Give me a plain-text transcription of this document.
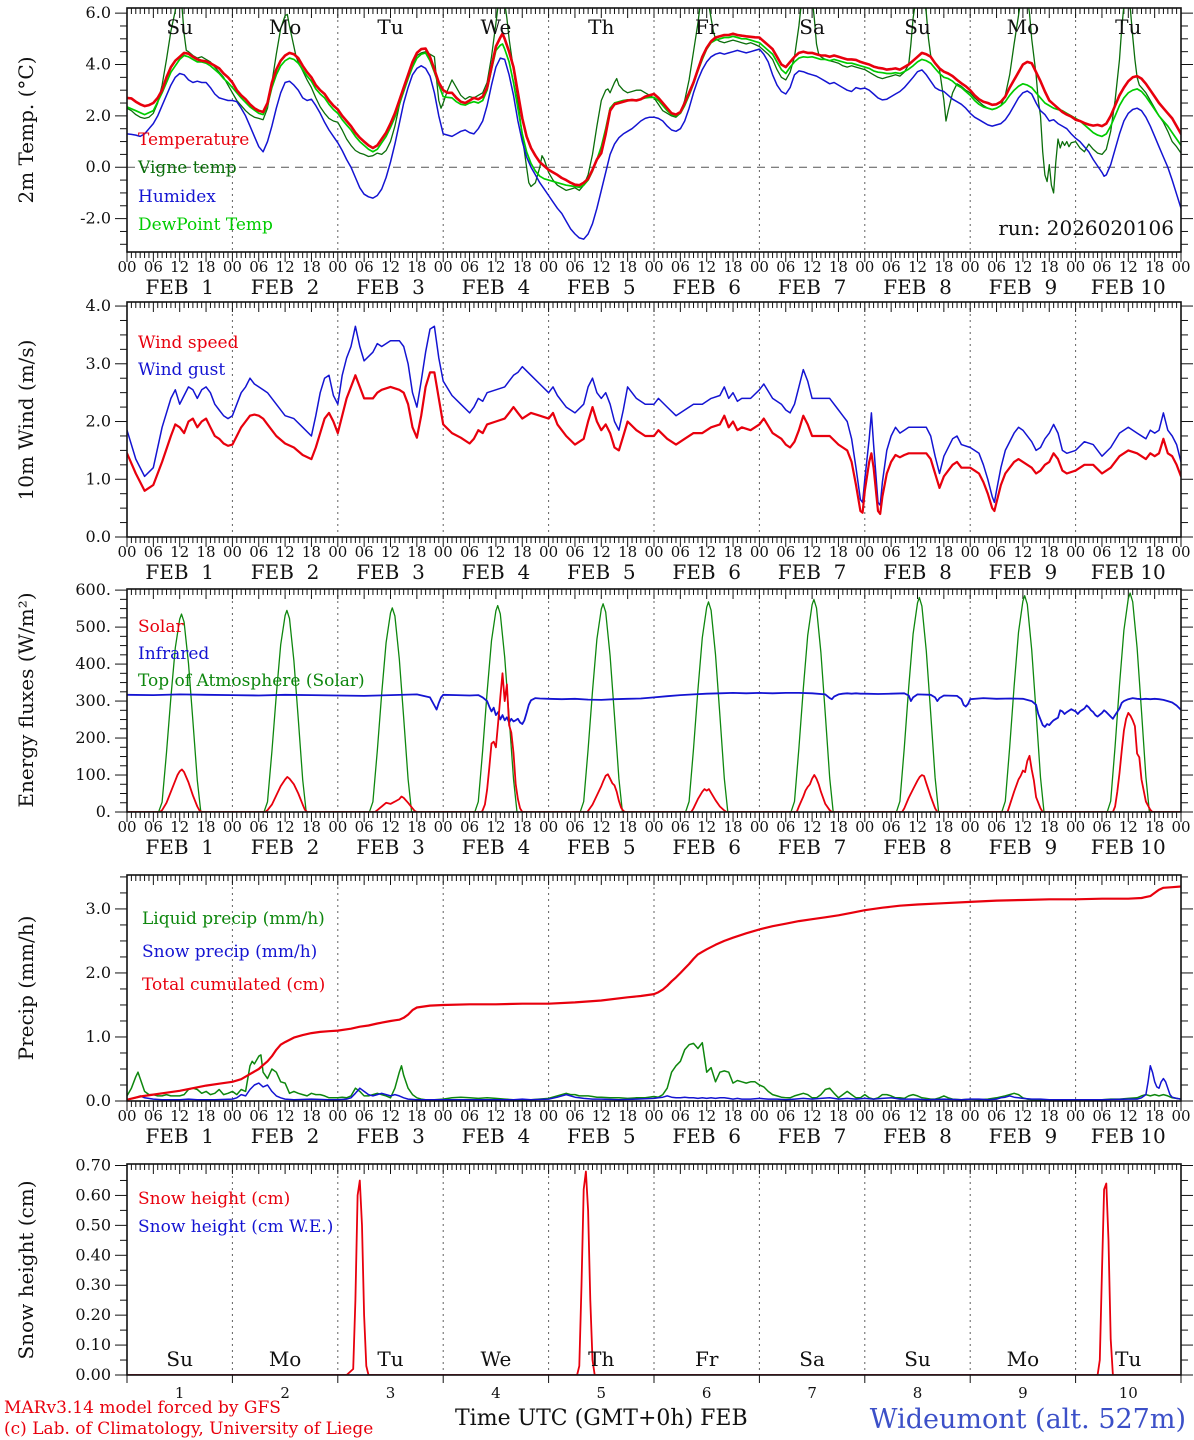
-2.0
0.0
2.0
4.0
6.0
00 06 12 18 00 06 12 18 00 06 12 18 00 06 12 18 00 06 12 18 00 06 12 18 00 06 12 18 00 06 12 18 00 06 12 18 00 06 12 18 00
FEB  1 FEB  2 FEB  3 FEB  4 FEB  5 FEB  6 FEB  7 FEB  8 FEB  9 FEB 10
Su	Mo	Tu	We	Th	Fr	Sa	Su	Mo	Tu
0.0
1.0
2.0
3.0
4.0
00 06 12 18 00 06 12 18 00 06 12 18 00 06 12 18 00 06 12 18 00 06 12 18 00 06 12 18 00 06 12 18 00 06 12 18 00 06 12 18 00
FEB  1 FEB  2 FEB  3 FEB  4 FEB  5 FEB  6 FEB  7 FEB  8 FEB  9 FEB 10
0.
100.
200.
300.
400.
500.
600.
00 06 12 18 00 06 12 18 00 06 12 18 00 06 12 18 00 06 12 18 00 06 12 18 00 06 12 18 00 06 12 18 00 06 12 18 00 06 12 18 00
FEB  1 FEB  2 FEB  3 FEB  4 FEB  5 FEB  6 FEB  7 FEB  8 FEB  9 FEB 10
0.0
1.0
2.0
3.0
00 06 12 18 00 06 12 18 00 06 12 18 00 06 12 18 00 06 12 18 00 06 12 18 00 06 12 18 00 06 12 18 00 06 12 18 00 06 12 18 00
FEB  1 FEB  2 FEB  3 FEB  4 FEB  5 FEB  6 FEB  7 FEB  8 FEB  9 FEB 10
0.00
0.10
0.20
0.30
0.40
0.50
0.60
0.70
Su	Mo	Tu	We	Th	Fr	Sa	Su	Mo	Tu
1	2	3	4	5	6	7	8	9	10
2m Temp. (°C)
10m Wind (m/s)
Energy fluxes (W/m²)
Precip (mm/h)
Snow height (cm)
Temperature
Vigne temp
Humidex
DewPoint Temp
Wind speed
Wind gust
Solar
Infrared
Top of Atmosphere (Solar)
Liquid precip (mm/h)
Snow precip (mm/h)
Total cumulated (cm)
Snow height (cm)
Snow height (cm W.E.)
run: 2026020106
MARv3.14 model forced by GFS
(c) Lab. of Climatology, University of Liege	Time UTC (GMT+0h) FEB	Wideumont (alt. 527m)
